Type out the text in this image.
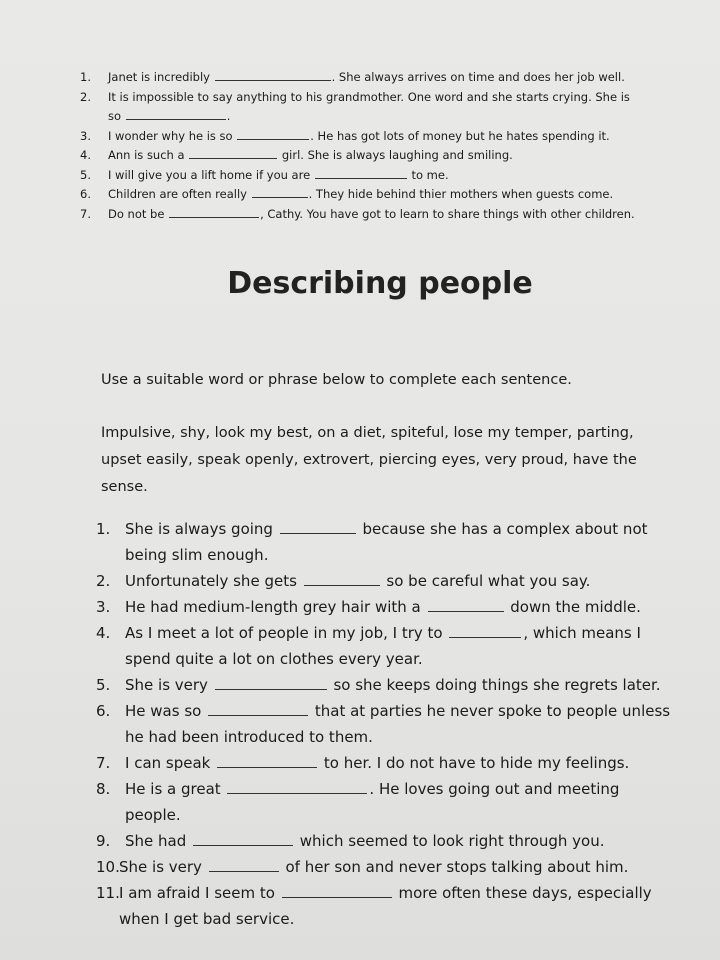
1.	Janet is incredibly	. She always arrives on time and does her job well.
2.	It is impossible to say anything to his grandmother. One word and she starts crying. She is
so	.
3.	I wonder why he is so	. He has got lots of money but he hates spending it.
4.	Ann is such a	girl. She is always laughing and smiling.
5.	I will give you a lift home if you are	to me.
6.	Children are often really	. They hide behind thier mothers when guests come.
7.	Do not be	, Cathy. You have got to learn to share things with other children.
Describing people
Use a suitable word or phrase below to complete each sentence.
Impulsive, shy, look my best, on a diet, spiteful, lose my temper, parting,
upset easily, speak openly, extrovert, piercing eyes, very proud, have the
sense.
1. She is always going	because she has a complex about not
being slim enough.
2. Unfortunately she gets	so be careful what you say.
3. He had medium-length grey hair with a	down the middle.
4. As I meet a lot of people in my job, I try to	, which means I
spend quite a lot on clothes every year.
5. She is very	so she keeps doing things she regrets later.
6. He was so	that at parties he never spoke to people unless
he had been introduced to them.
7. I can speak	to her. I do not have to hide my feelings.
8. He is a great	. He loves going out and meeting people.
9. She had	which seemed to look right through you.
10. She is very	of her son and never stops talking about him.
11. I am afraid I seem to	more often these days, especially
when I get bad service.
